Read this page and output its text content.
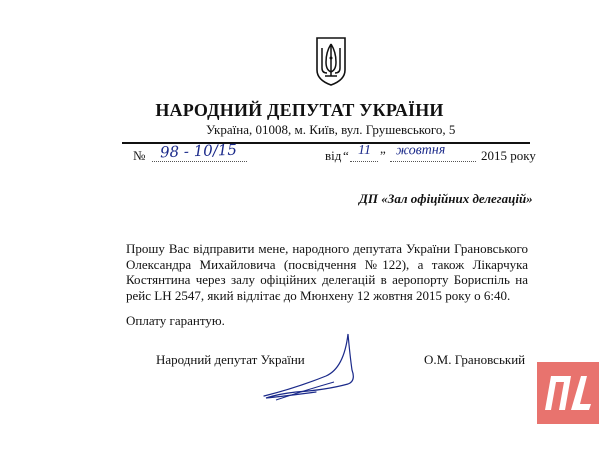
НАРОДНИЙ ДЕПУТАТ УКРАЇНИ
Україна, 01008, м. Київ, вул. Грушевського, 5
№ 98 - 10/15	від “ 11 ” жовтня	2015 року
ДП «Зал офіційних делегацій»
Прошу Вас відправити мене, народного депутата України Грановського Олександра Михайловича (посвідчення №122), а також Лікарчука Костянтина через залу офіційних делегацій в аеропорту Бориспіль на рейс LH 2547, який відлітає до Мюнхену 12 жовтня 2015 року о 6:40.
Оплату гарантую.
Народний депутат України	О.М. Грановський
